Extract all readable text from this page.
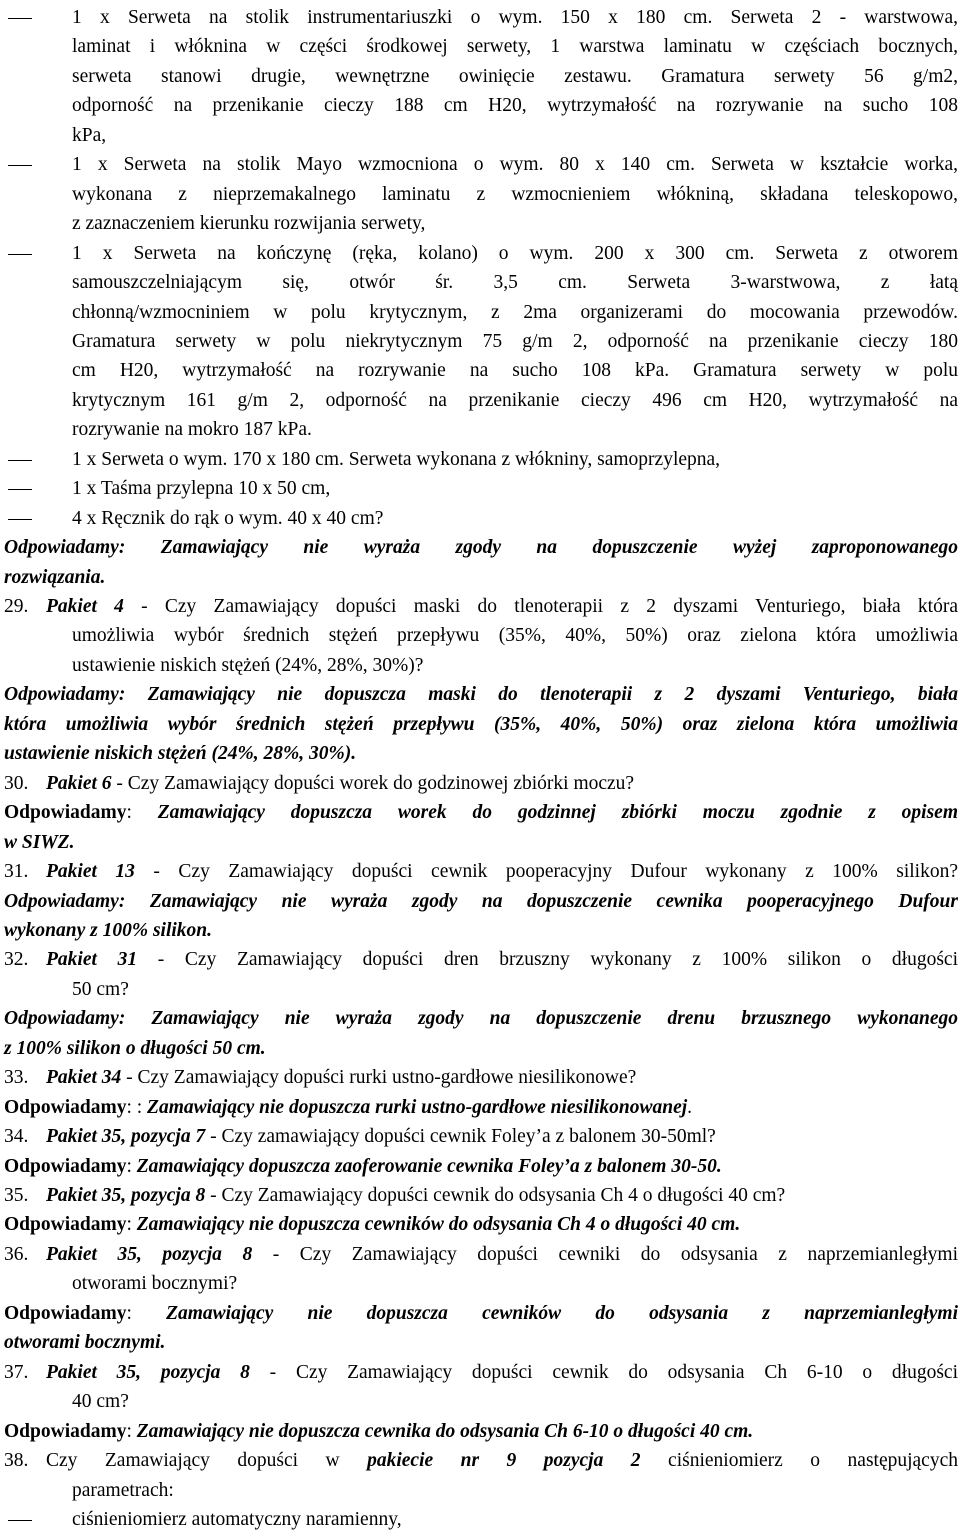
1 x Serweta na stolik instrumentariuszki o wym. 150 x 180 cm. Serweta 2 - warstwowa,
laminat i włóknina w części środkowej serwety, 1 warstwa laminatu w częściach bocznych,
serweta stanowi drugie, wewnętrzne owinięcie zestawu. Gramatura serwety 56 g/m2,
odporność na przenikanie cieczy 188 cm H20, wytrzymałość na rozrywanie na sucho 108
kPa,
1 x Serweta na stolik Mayo wzmocniona o wym. 80 x 140 cm. Serweta w kształcie worka,
wykonana z nieprzemakalnego laminatu z wzmocnieniem włókniną, składana teleskopowo,
z zaznaczeniem kierunku rozwijania serwety,
1 x Serweta na kończynę (ręka, kolano) o wym. 200 x 300 cm. Serweta z otworem
samouszczelniającym się, otwór śr. 3,5 cm. Serweta 3-warstwowa, z łatą
chłonną/wzmocniniem w polu krytycznym, z 2ma organizerami do mocowania przewodów.
Gramatura serwety w polu niekrytycznym 75 g/m 2, odporność na przenikanie cieczy 180
cm H20, wytrzymałość na rozrywanie na sucho 108 kPa. Gramatura serwety w polu
krytycznym 161 g/m 2, odporność na przenikanie cieczy 496 cm H20, wytrzymałość na
rozrywanie na mokro 187 kPa.
1 x Serweta o wym. 170 x 180 cm. Serweta wykonana z włókniny, samoprzylepna,
1 x Taśma przylepna 10 x 50 cm,
4 x Ręcznik do rąk o wym. 40 x 40 cm?
Odpowiadamy: Zamawiający nie wyraża zgody na dopuszczenie wyżej zaproponowanego
rozwiązania.
29. Pakiet 4 - Czy Zamawiający dopuści maski do tlenoterapii z 2 dyszami Venturiego, biała która
umożliwia wybór średnich stężeń przepływu (35%, 40%, 50%) oraz zielona która umożliwia
ustawienie niskich stężeń (24%, 28%, 30%)?
Odpowiadamy: Zamawiający nie dopuszcza maski do tlenoterapii z 2 dyszami Venturiego, biała
która umożliwia wybór średnich stężeń przepływu (35%, 40%, 50%) oraz zielona która umożliwia
ustawienie niskich stężeń (24%, 28%, 30%).
30. Pakiet 6 - Czy Zamawiający dopuści worek do godzinowej zbiórki moczu?
Odpowiadamy: Zamawiający dopuszcza worek do godzinnej zbiórki moczu zgodnie z opisem
w SIWZ.
31. Pakiet 13 - Czy Zamawiający dopuści cewnik pooperacyjny Dufour wykonany z 100% silikon?
Odpowiadamy: Zamawiający nie wyraża zgody na dopuszczenie cewnika pooperacyjnego Dufour
wykonany z 100% silikon.
32. Pakiet 31 - Czy Zamawiający dopuści dren brzuszny wykonany z 100% silikon o długości
50 cm?
Odpowiadamy: Zamawiający nie wyraża zgody na dopuszczenie drenu brzusznego wykonanego
z 100% silikon o długości 50 cm.
33. Pakiet 34 - Czy Zamawiający dopuści rurki ustno-gardłowe niesilikonowe?
Odpowiadamy: : Zamawiający nie dopuszcza rurki ustno-gardłowe niesilikonowanej.
34. Pakiet 35, pozycja 7 - Czy zamawiający dopuści cewnik Foley’a z balonem 30-50ml?
Odpowiadamy: Zamawiający dopuszcza zaoferowanie cewnika Foley’a z balonem 30-50.
35. Pakiet 35, pozycja 8 - Czy Zamawiający dopuści cewnik do odsysania Ch 4 o długości 40 cm?
Odpowiadamy: Zamawiający nie dopuszcza cewników do odsysania Ch 4 o długości 40 cm.
36. Pakiet 35, pozycja 8 - Czy Zamawiający dopuści cewniki do odsysania z naprzemianległymi
otworami bocznymi?
Odpowiadamy: Zamawiający nie dopuszcza cewników do odsysania z naprzemianległymi
otworami bocznymi.
37. Pakiet 35, pozycja 8 - Czy Zamawiający dopuści cewnik do odsysania Ch 6-10 o długości
40 cm?
Odpowiadamy: Zamawiający nie dopuszcza cewnika do odsysania Ch 6-10 o długości 40 cm.
38. Czy Zamawiający dopuści w pakiecie nr 9 pozycja 2 ciśnieniomierz o następujących
parametrach:
ciśnieniomierz automatyczny naramienny,
